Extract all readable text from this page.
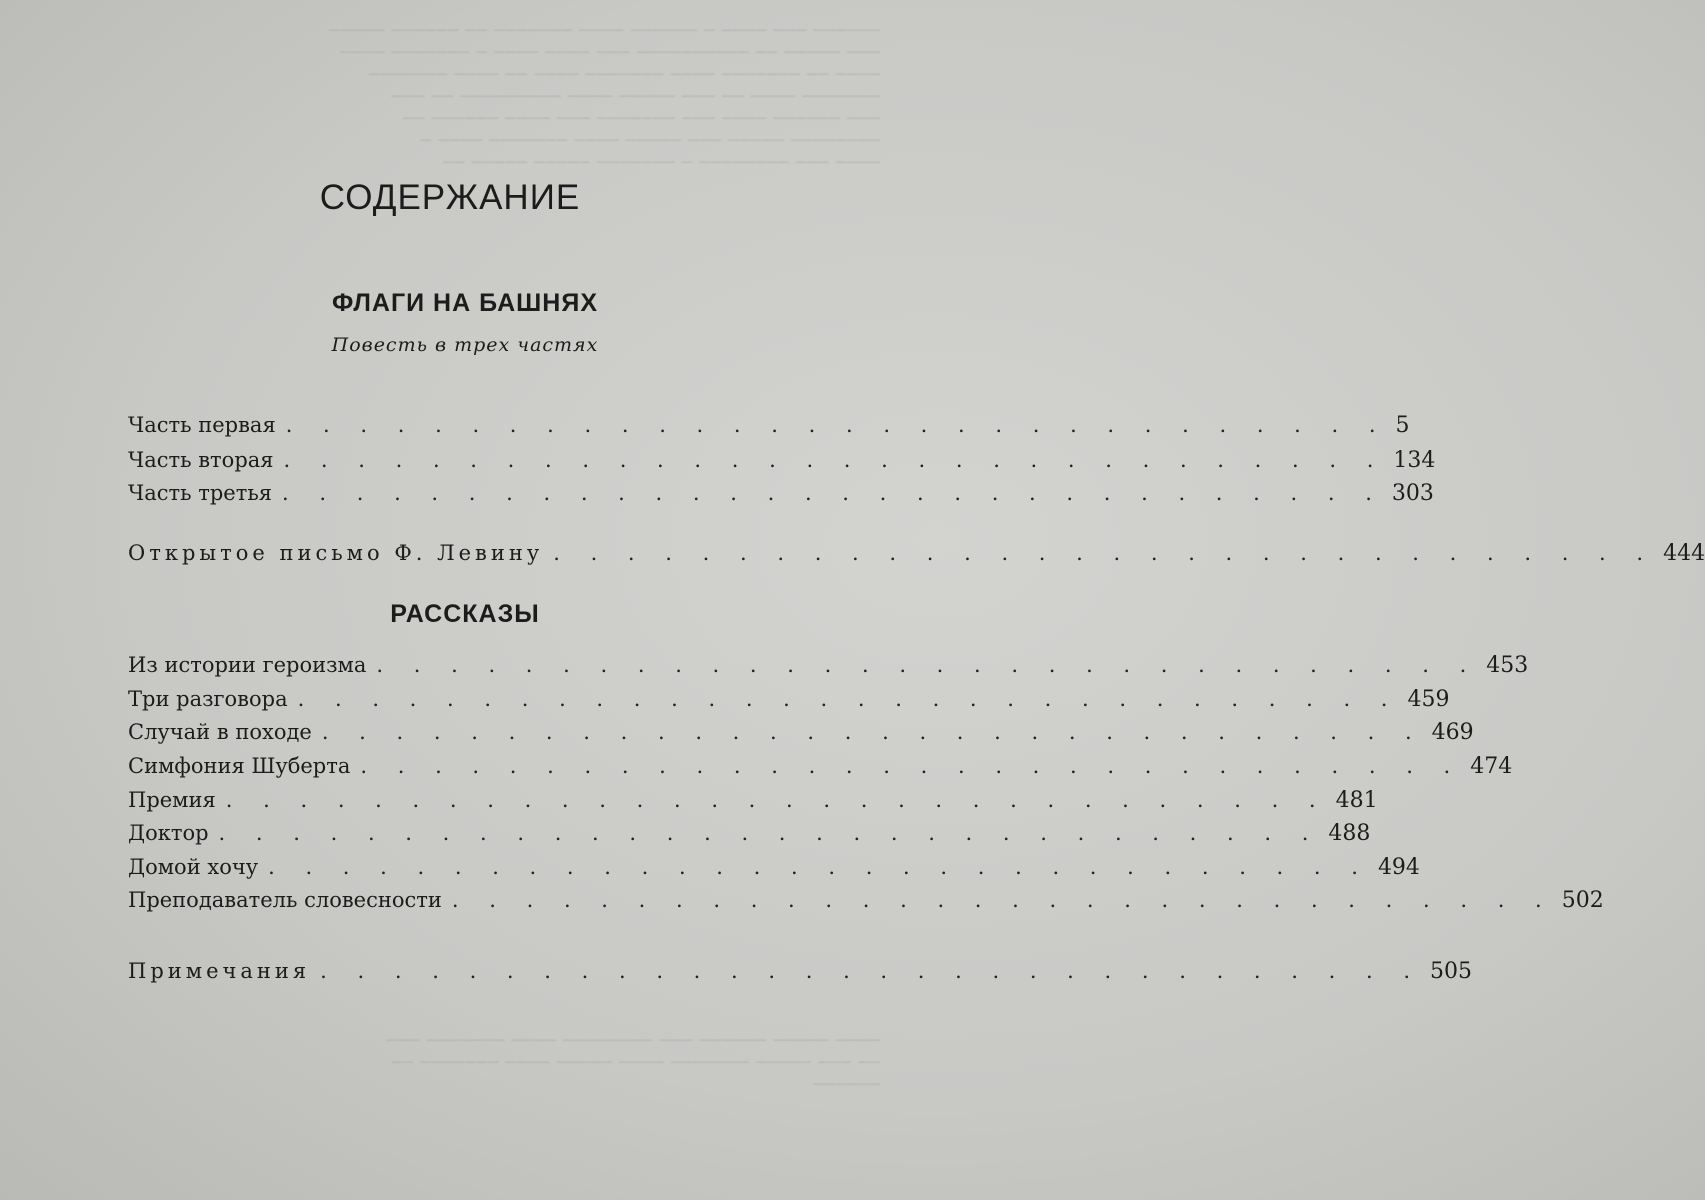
────── ─── ──── ─ ────── ──── ─────── ── ────── ─────
─── ───── ── ────────── ─── ──── ──── ─ ─────── ────
──── ── ─────── ──── ─────── ──── ── ──── ───────
─────── ──── ── ─── ───── ──── ───────── ── ───
─── ────── ──── ─── ─────── ─── ──── ────── ──
──────── ───── ─── ───── ──── ─────── ──── ─
──── ─── ──────── ─ ─────── ───── ───── ──
СОДЕРЖАНИЕ
ФЛАГИ НА БАШНЯХ
Повесть в трех частях
Часть первая . . . . . . . . . . . . . . . . . . . . . . . . . . . . . . 5
Часть вторая . . . . . . . . . . . . . . . . . . . . . . . . . . . . . . 134
Часть третья . . . . . . . . . . . . . . . . . . . . . . . . . . . . . . 303
Открытое письмо Ф. Левину . . . . . . . . . . . . . . . . . . . . . . . . . . . . . . 444
РАССКАЗЫ
Из истории героизма . . . . . . . . . . . . . . . . . . . . . . . . . . . . . . 453
Три разговора . . . . . . . . . . . . . . . . . . . . . . . . . . . . . . 459
Случай в походе . . . . . . . . . . . . . . . . . . . . . . . . . . . . . . 469
Симфония Шуберта . . . . . . . . . . . . . . . . . . . . . . . . . . . . . . 474
Премия . . . . . . . . . . . . . . . . . . . . . . . . . . . . . . 481
Доктор . . . . . . . . . . . . . . . . . . . . . . . . . . . . . . 488
Домой хочу . . . . . . . . . . . . . . . . . . . . . . . . . . . . . . 494
Преподаватель словесности . . . . . . . . . . . . . . . . . . . . . . . . . . . . . . 502
Примечания . . . . . . . . . . . . . . . . . . . . . . . . . . . . . . 505
──── ───── ────── ─── ──────── ──── ─────── ───
── ─── ───── ─────── ──── ───── ──── ─────── ──
──────
